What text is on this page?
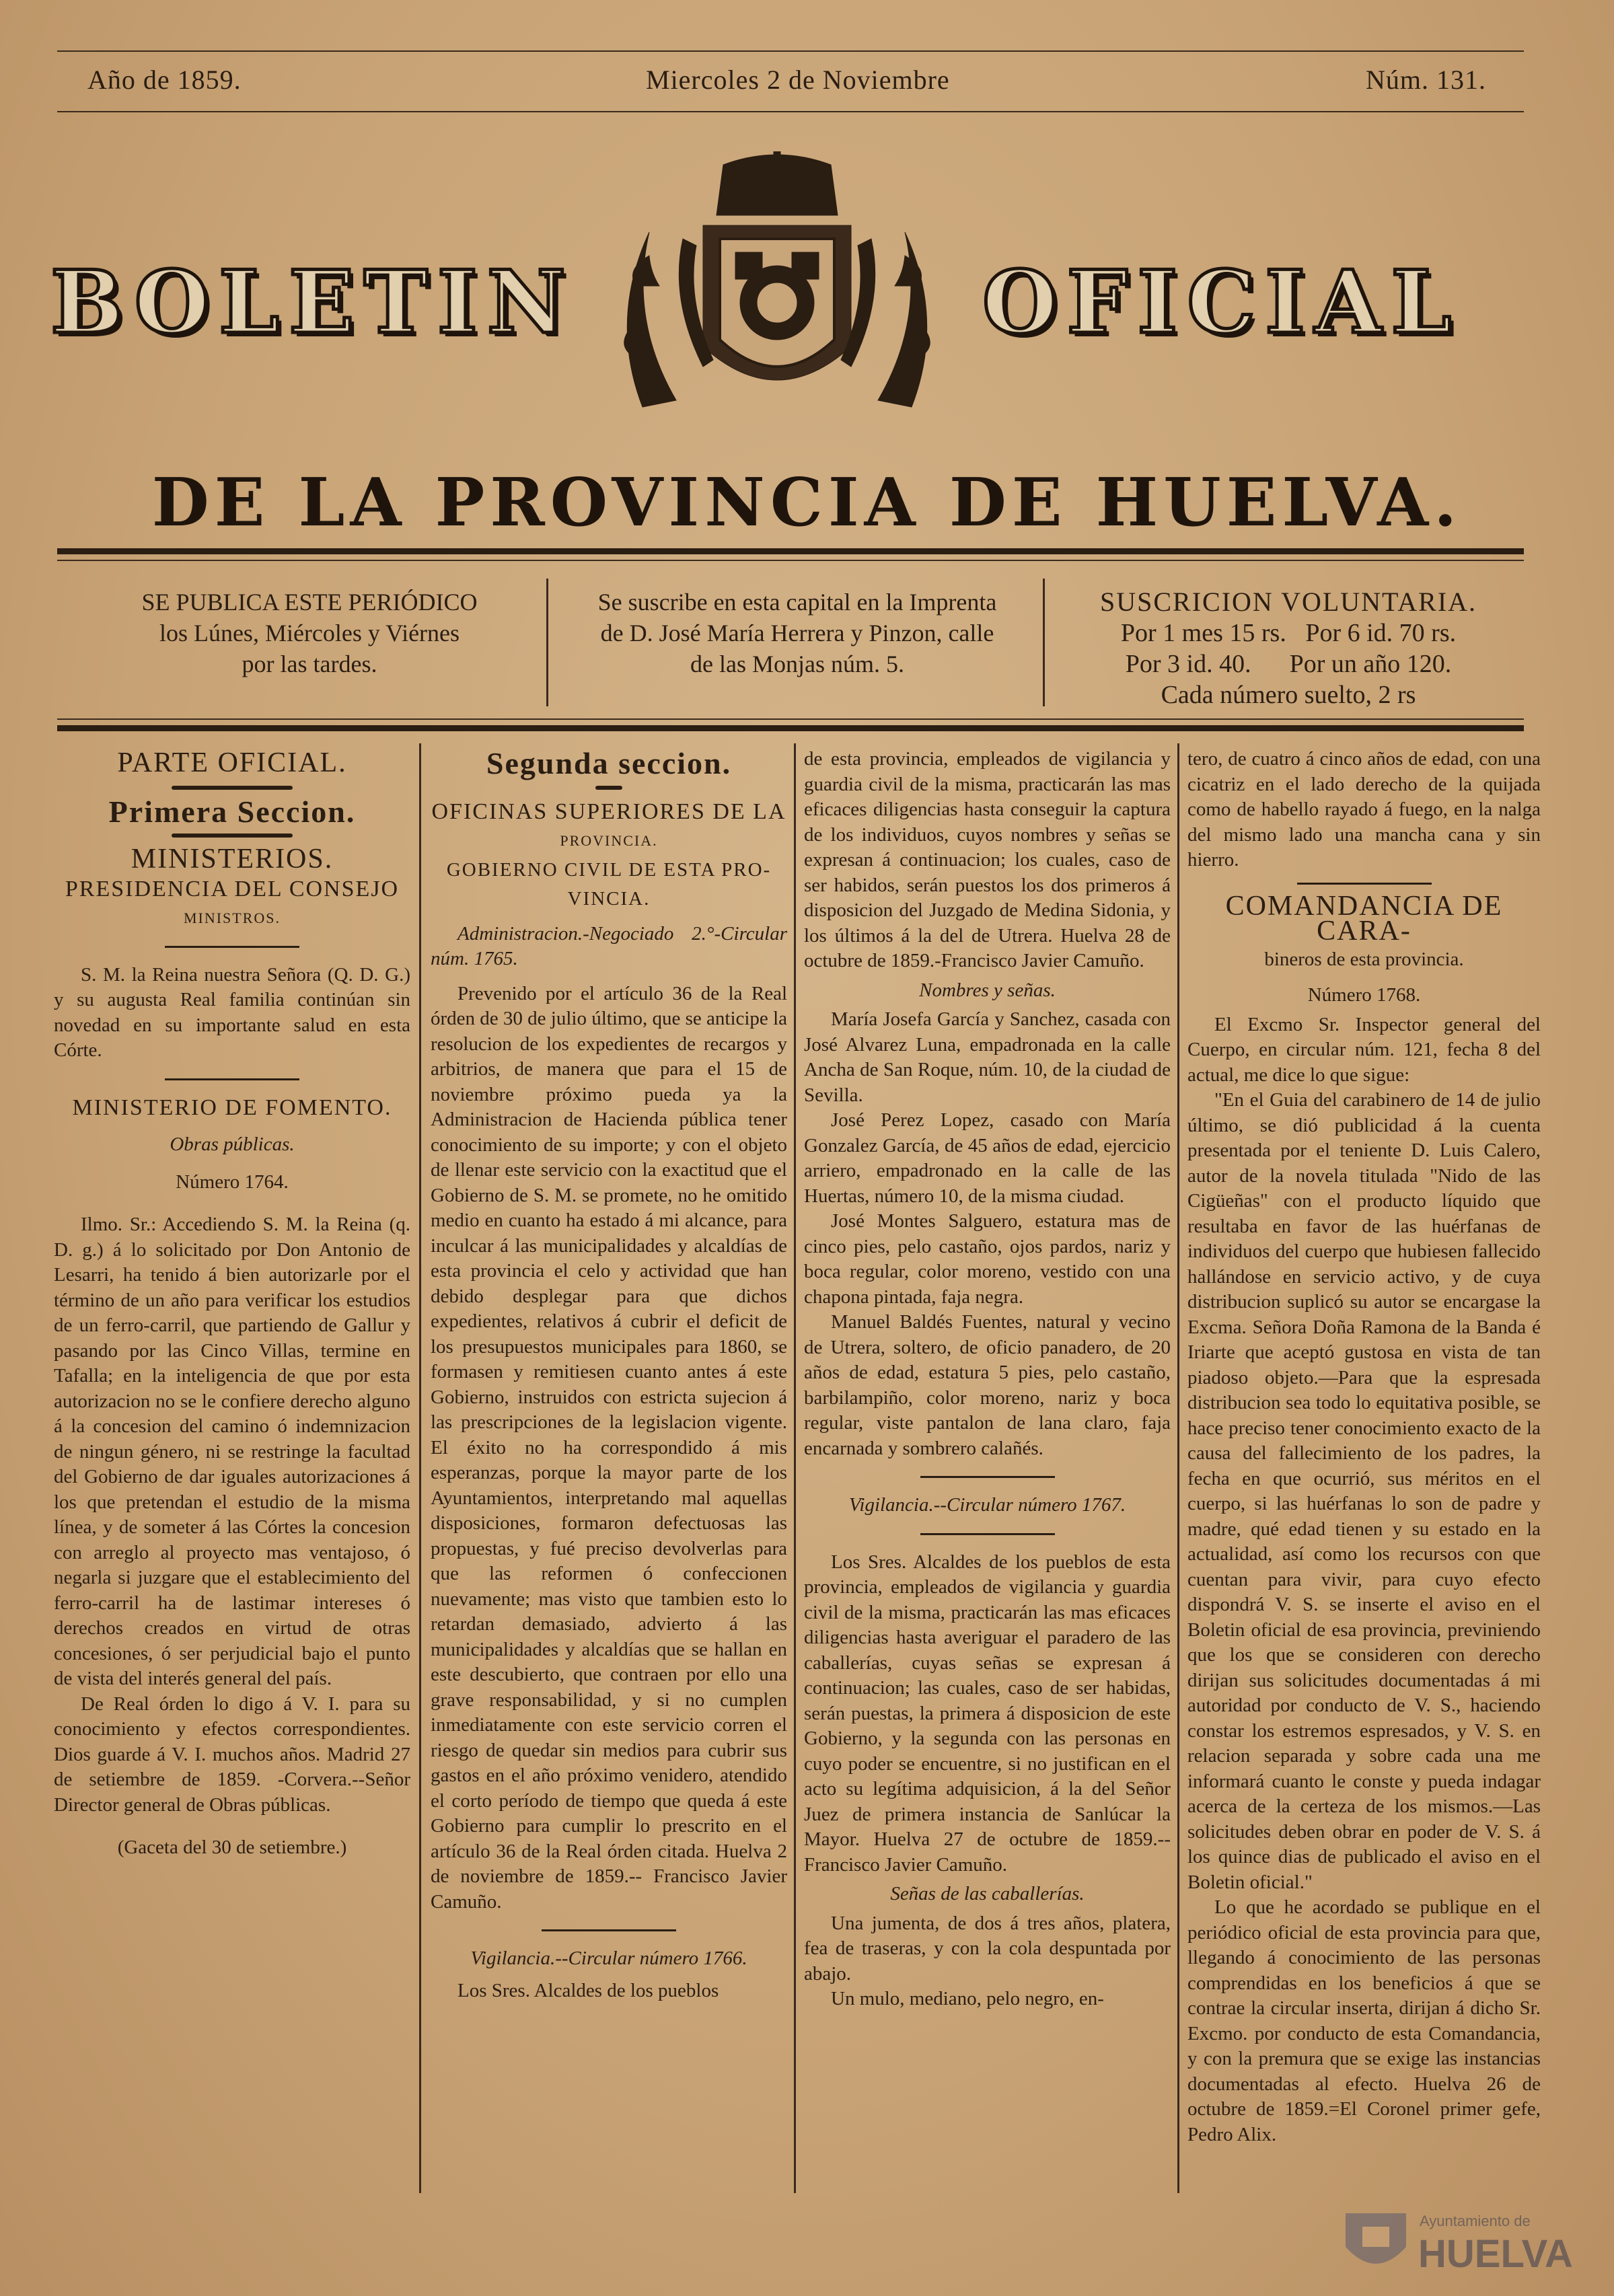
Año de 1859.	Miercoles 2 de Noviembre	Núm. 131.
BOLETIN	OFICIAL
DE LA PROVINCIA DE HUELVA.
SE PUBLICA ESTE PERIÓDICO
los Lúnes, Miércoles y Viérnes
por las tardes.
Se suscribe en esta capital en la Imprenta
de D. José María Herrera y Pinzon, calle
de las Monjas núm. 5.
SUSCRICION VOLUNTARIA.
Por 1 mes 15 rs.   Por 6 id. 70 rs.
Por 3 id. 40.      Por un año 120.
Cada número suelto, 2 rs
PARTE OFICIAL.
Primera Seccion.
MINISTERIOS.
PRESIDENCIA DEL CONSEJO
MINISTROS.

S. M. la Reina nuestra Señora (Q. D. G.) y su augusta Real familia continúan sin novedad en su importante salud en esta Córte.

MINISTERIO DE FOMENTO.
Obras públicas.
Número 1764.

Ilmo. Sr.: Accediendo S. M. la Reina (q. D. g.) á lo solicitado por Don Antonio de Lesarri, ha tenido á bien autorizarle por el término de un año para verificar los estudios de un ferro-carril, que partiendo de Gallur y pasando por las Cinco Villas, termine en Tafalla; en la inteligencia de que por esta autorizacion no se le confiere derecho alguno á la concesion del camino ó indemnizacion de ningun género, ni se restringe la facultad del Gobierno de dar iguales autorizaciones á los que pretendan el estudio de la misma línea, y de someter á las Córtes la concesion con arreglo al proyecto mas ventajoso, ó negarla si juzgare que el establecimiento del ferro-carril ha de lastimar intereses ó derechos creados en virtud de otras concesiones, ó ser perjudicial bajo el punto de vista del interés general del país.

De Real órden lo digo á V. I. para su conocimiento y efectos correspondientes. Dios guarde á V. I. muchos años. Madrid 27 de setiembre de 1859. -Corvera.--Señor Director general de Obras públicas.

(Gaceta del 30 de setiembre.)
Segunda seccion.
OFICINAS SUPERIORES DE LA
PROVINCIA.
GOBIERNO CIVIL DE ESTA PRO-
VINCIA.

Administracion.-Negociado 2.°-Circular núm. 1765.

Prevenido por el artículo 36 de la Real órden de 30 de julio último, que se anticipe la resolucion de los expedientes de recargos y arbitrios, de manera que para el 15 de noviembre próximo pueda ya la Administracion de Hacienda pública tener conocimiento de su importe; y con el objeto de llenar este servicio con la exactitud que el Gobierno de S. M. se promete, no he omitido medio en cuanto ha estado á mi alcance, para inculcar á las municipalidades y alcaldías de esta provincia el celo y actividad que han debido desplegar para que dichos expedientes, relativos á cubrir el deficit de los presupuestos municipales para 1860, se formasen y remitiesen cuanto antes á este Gobierno, instruidos con estricta sujecion á las prescripciones de la legislacion vigente. El éxito no ha correspondido á mis esperanzas, porque la mayor parte de los Ayuntamientos, interpretando mal aquellas disposiciones, formaron defectuosas las propuestas, y fué preciso devolverlas para que las reformen ó confeccionen nuevamente; mas visto que tambien esto lo retardan demasiado, advierto á las municipalidades y alcaldías que se hallan en este descubierto, que contraen por ello una grave responsabilidad, y si no cumplen inmediatamente con este servicio corren el riesgo de quedar sin medios para cubrir sus gastos en el año próximo venidero, atendido el corto período de tiempo que queda á este Gobierno para cumplir lo prescrito en el artículo 36 de la Real órden citada. Huelva 2 de noviembre de 1859.-- Francisco Javier Camuño.

Vigilancia.--Circular número 1766.

Los Sres. Alcaldes de los pueblos

de esta provincia, empleados de vigilancia y guardia civil de la misma, practicarán las mas eficaces diligencias hasta conseguir la captura de los individuos, cuyos nombres y señas se expresan á continuacion; los cuales, caso de ser habidos, serán puestos los dos primeros á disposicion del Juzgado de Medina Sidonia, y los últimos á la del de Utrera. Huelva 28 de octubre de 1859.-Francisco Javier Camuño.

Nombres y señas.

María Josefa García y Sanchez, casada con José Alvarez Luna, empadronada en la calle Ancha de San Roque, núm. 10, de la ciudad de Sevilla.

José Perez Lopez, casado con María Gonzalez García, de 45 años de edad, ejercicio arriero, empadronado en la calle de las Huertas, número 10, de la misma ciudad.

José Montes Salguero, estatura mas de cinco pies, pelo castaño, ojos pardos, nariz y boca regular, color moreno, vestido con una chapona pintada, faja negra.

Manuel Baldés Fuentes, natural y vecino de Utrera, soltero, de oficio panadero, de 20 años de edad, estatura 5 pies, pelo castaño, barbilampiño, color moreno, nariz y boca regular, viste pantalon de lana claro, faja encarnada y sombrero calañés.

Vigilancia.--Circular número 1767.

Los Sres. Alcaldes de los pueblos de esta provincia, empleados de vigilancia y guardia civil de la misma, practicarán las mas eficaces diligencias hasta averiguar el paradero de las caballerías, cuyas señas se expresan á continuacion; las cuales, caso de ser habidas, serán puestas, la primera á disposicion de este Gobierno, y la segunda con las personas en cuyo poder se encuentre, si no justifican en el acto su legítima adquisicion, á la del Señor Juez de primera instancia de Sanlúcar la Mayor. Huelva 27 de octubre de 1859.--Francisco Javier Camuño.

Señas de las caballerías.

Una jumenta, de dos á tres años, platera, fea de traseras, y con la cola despuntada por abajo.

Un mulo, mediano, pelo negro, en-

tero, de cuatro á cinco años de edad, con una cicatriz en el lado derecho de la quijada como de habello rayado á fuego, en la nalga del mismo lado una mancha cana y sin hierro.

COMANDANCIA DE CARA-
bineros de esta provincia.
Número 1768.

El Excmo Sr. Inspector general del Cuerpo, en circular núm. 121, fecha 8 del actual, me dice lo que sigue:

"En el Guia del carabinero de 14 de julio último, se dió publicidad á la cuenta presentada por el teniente D. Luis Calero, autor de la novela titulada "Nido de las Cigüeñas" con el producto líquido que resultaba en favor de las huérfanas de individuos del cuerpo que hubiesen fallecido hallándose en servicio activo, y de cuya distribucion suplicó su autor se encargase la Excma. Señora Doña Ramona de la Banda é Iriarte que aceptó gustosa en vista de tan piadoso objeto.—Para que la espresada distribucion sea todo lo equitativa posible, se hace preciso tener conocimiento exacto de la causa del fallecimiento de los padres, la fecha en que ocurrió, sus méritos en el cuerpo, si las huérfanas lo son de padre y madre, qué edad tienen y su estado en la actualidad, así como los recursos con que cuentan para vivir, para cuyo efecto dispondrá V. S. se inserte el aviso en el Boletin oficial de esa provincia, previniendo que los que se consideren con derecho dirijan sus solicitudes documentadas á mi autoridad por conducto de V. S., haciendo constar los estremos espresados, y V. S. en relacion separada y sobre cada una me informará cuanto le conste y pueda indagar acerca de la certeza de los mismos.—Las solicitudes deben obrar en poder de V. S. á los quince dias de publicado el aviso en el Boletin oficial."

Lo que he acordado se publique en el periódico oficial de esta provincia para que, llegando á conocimiento de las personas comprendidas en los beneficios á que se contrae la circular inserta, dirijan á dicho Sr. Excmo. por conducto de esta Comandancia, y con la premura que se exige las instancias documentadas al efecto. Huelva 26 de octubre de 1859.=El Coronel primer gefe, Pedro Alix.

Ayuntamiento de
HUELVA
